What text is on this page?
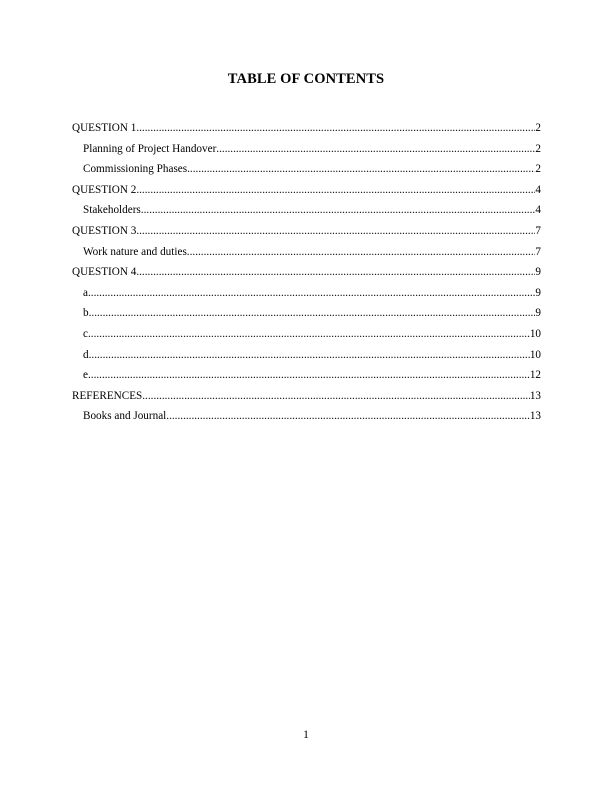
TABLE OF CONTENTS
QUESTION 1 .....	2
Planning of Project Handover .....	2
Commissioning Phases .....	2
QUESTION 2 .....	4
Stakeholders .....	4
QUESTION 3 .....	7
Work nature and duties .....	7
QUESTION 4 .....	9
a .....	9
b .....	9
c .....	10
d .....	10
e .....	12
REFERENCES .....	13
Books and Journal .....	13
1
